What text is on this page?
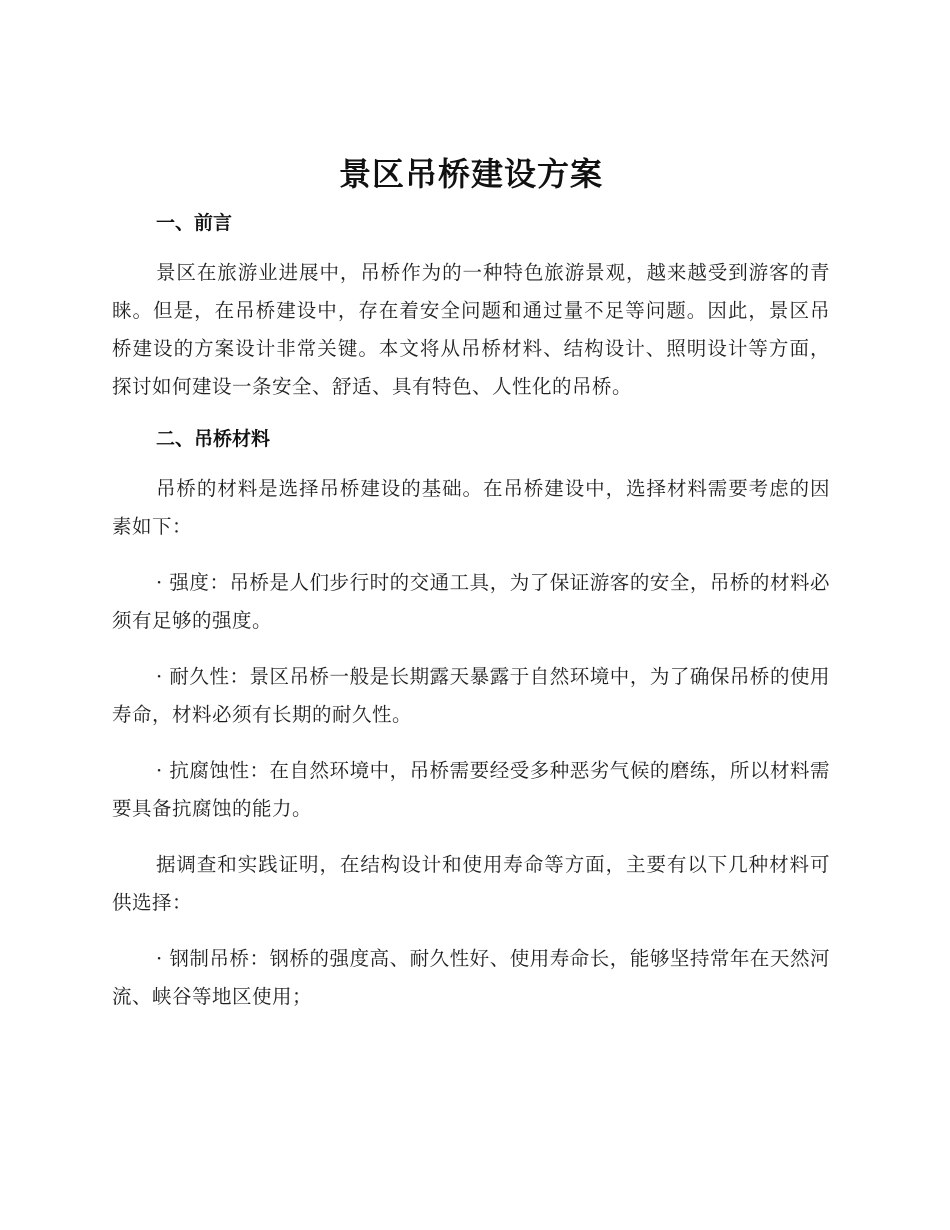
景区吊桥建设方案
一、前言

景区在旅游业进展中，吊桥作为的一种特色旅游景观，越来越受到游客的青睐。但是，在吊桥建设中，存在着安全问题和通过量不足等问题。因此，景区吊桥建设的方案设计非常关键。本文将从吊桥材料、结构设计、照明设计等方面，探讨如何建设一条安全、舒适、具有特色、人性化的吊桥。

二、吊桥材料

吊桥的材料是选择吊桥建设的基础。在吊桥建设中，选择材料需要考虑的因素如下：

· 强度：吊桥是人们步行时的交通工具，为了保证游客的安全，吊桥的材料必须有足够的强度。

· 耐久性：景区吊桥一般是长期露天暴露于自然环境中，为了确保吊桥的使用寿命，材料必须有长期的耐久性。

· 抗腐蚀性：在自然环境中，吊桥需要经受多种恶劣气候的磨练，所以材料需要具备抗腐蚀的能力。

据调查和实践证明，在结构设计和使用寿命等方面，主要有以下几种材料可供选择：

· 钢制吊桥：钢桥的强度高、耐久性好、使用寿命长，能够坚持常年在天然河流、峡谷等地区使用；
